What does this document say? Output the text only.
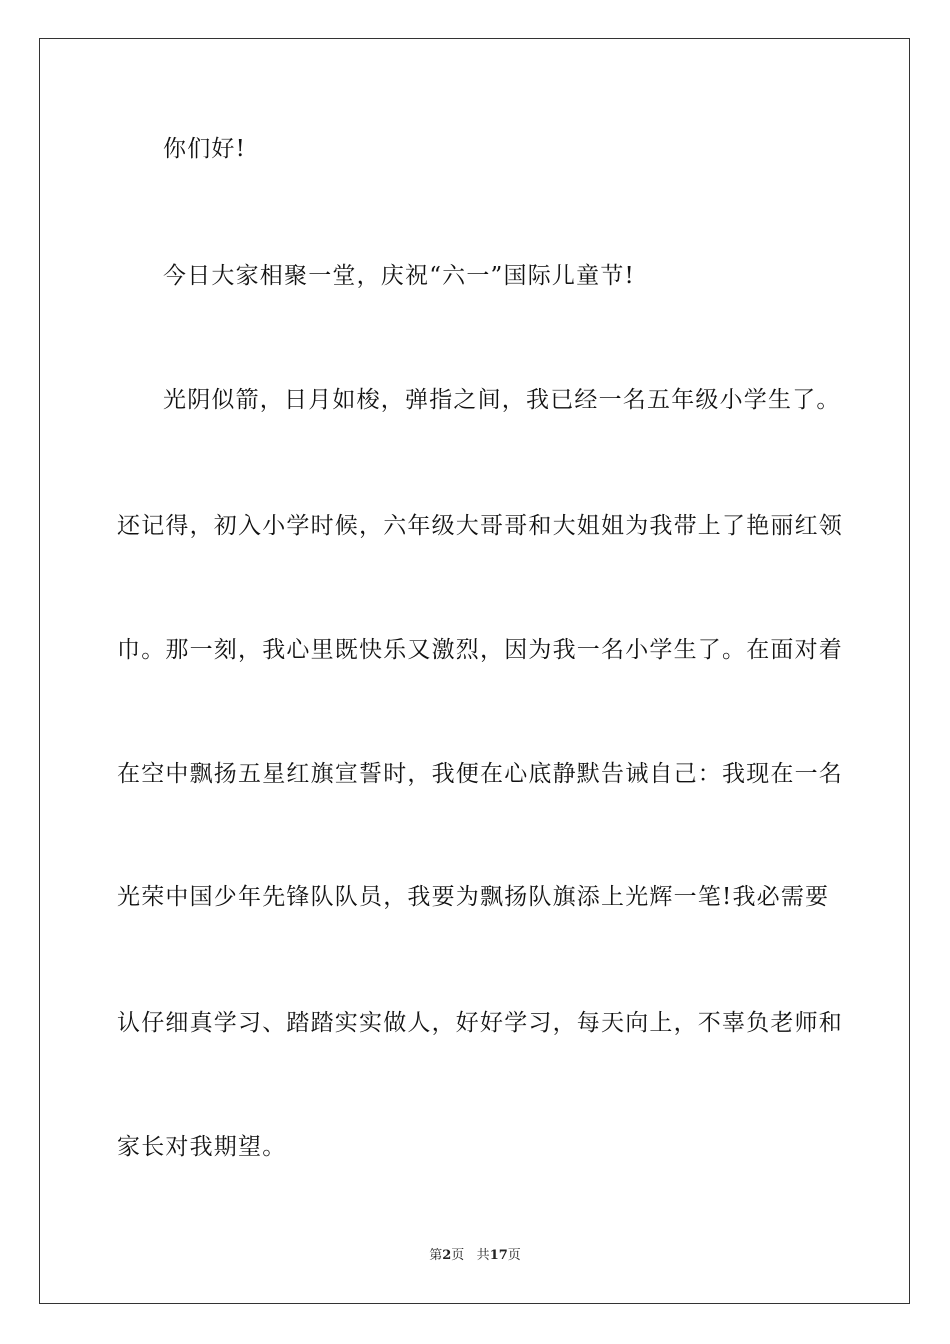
你们好!
今日大家相聚一堂，庆祝“六一”国际儿童节!
光阴似箭，日月如梭，弹指之间，我已经一名五年级小学生了。
还记得，初入小学时候，六年级大哥哥和大姐姐为我带上了艳丽红领
巾。那一刻，我心里既快乐又激烈，因为我一名小学生了。在面对着
在空中飘扬五星红旗宣誓时，我便在心底静默告诫自己：我现在一名
光荣中国少年先锋队队员，我要为飘扬队旗添上光辉一笔!我必需要
认仔细真学习、踏踏实实做人，好好学习，每天向上，不辜负老师和
家长对我期望。
第2页 共17页
